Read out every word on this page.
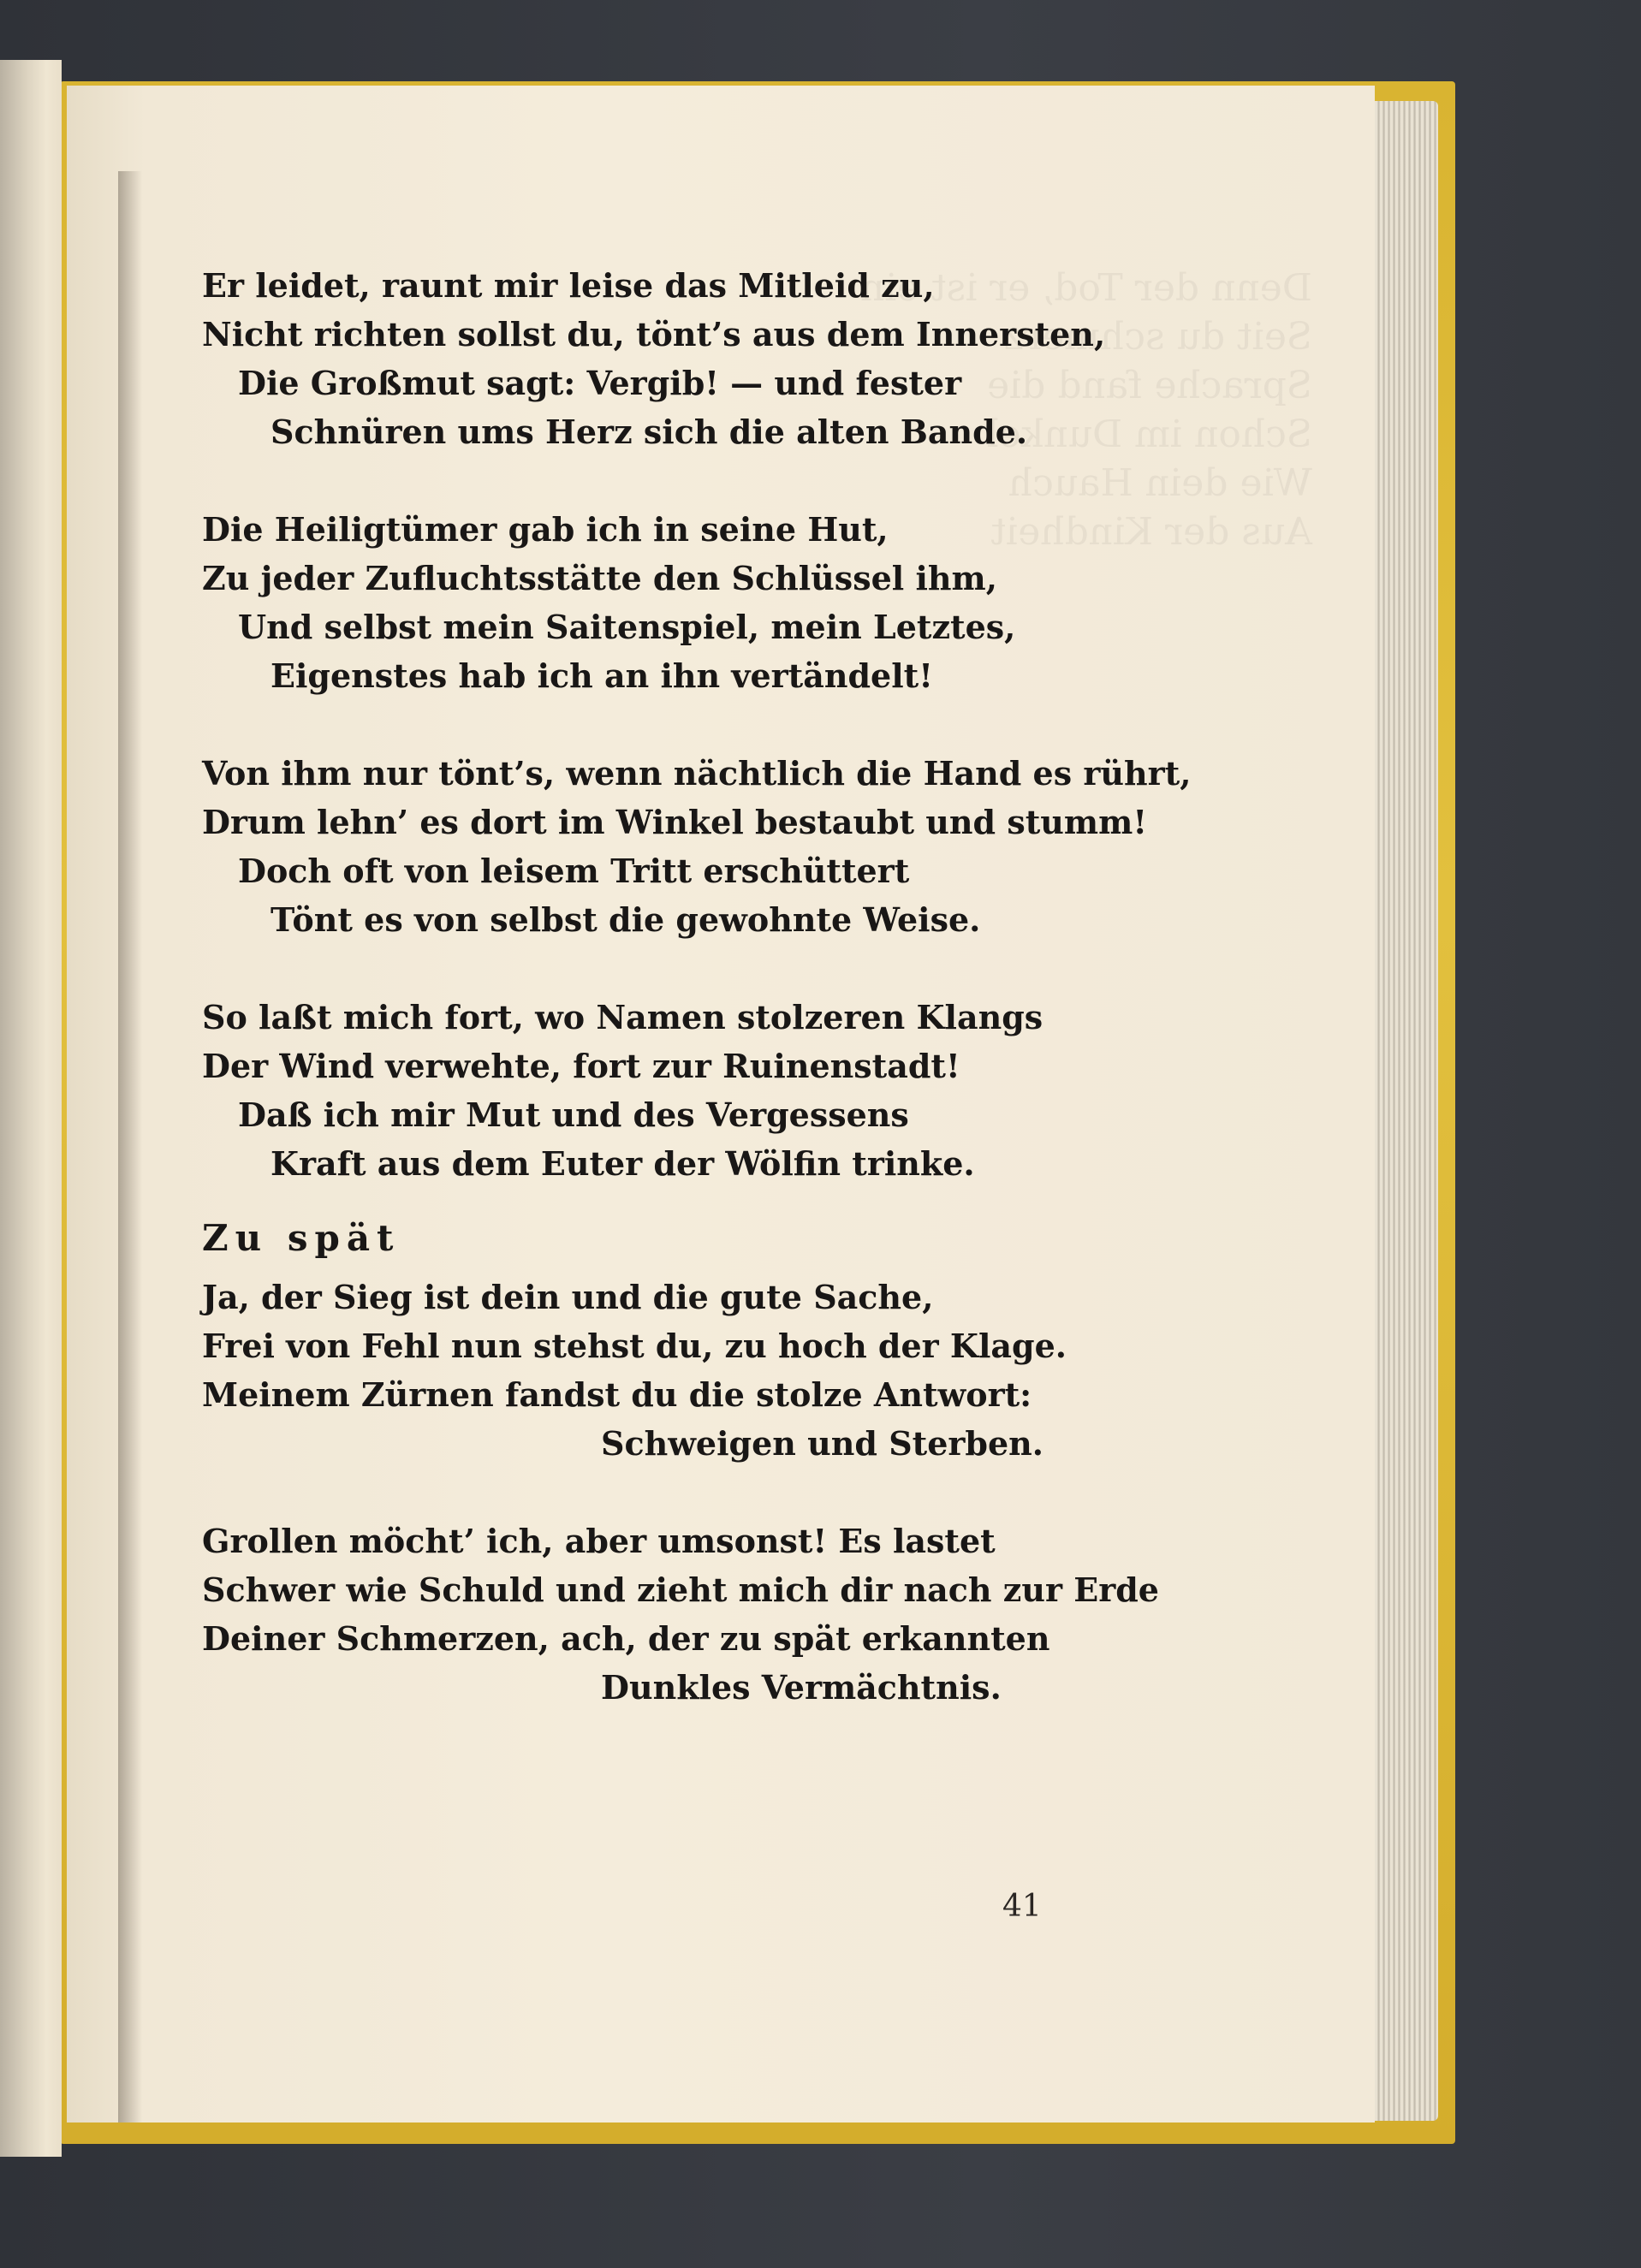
Denn der Tod, er ist ein
Seit du schmerz
Sprache fand die
Schon im Dunkel
Wie dein Hauch
Aus der Kindheit
Er leidet, raunt mir leise das Mitleid zu,
Nicht richten sollst du, tönt’s aus dem Innersten,
Die Großmut sagt: Vergib! — und fester
Schnüren ums Herz sich die alten Bande.
Die Heiligtümer gab ich in seine Hut,
Zu jeder Zufluchtsstätte den Schlüssel ihm,
Und selbst mein Saitenspiel, mein Letztes,
Eigenstes hab ich an ihn vertändelt!
Von ihm nur tönt’s, wenn nächtlich die Hand es rührt,
Drum lehn’ es dort im Winkel bestaubt und stumm!
Doch oft von leisem Tritt erschüttert
Tönt es von selbst die gewohnte Weise.
So laßt mich fort, wo Namen stolzeren Klangs
Der Wind verwehte, fort zur Ruinenstadt!
Daß ich mir Mut und des Vergessens
Kraft aus dem Euter der Wölfin trinke.
Zu spät
Ja, der Sieg ist dein und die gute Sache,
Frei von Fehl nun stehst du, zu hoch der Klage.
Meinem Zürnen fandst du die stolze Antwort:
Schweigen und Sterben.
Grollen möcht’ ich, aber umsonst! Es lastet
Schwer wie Schuld und zieht mich dir nach zur Erde
Deiner Schmerzen, ach, der zu spät erkannten
Dunkles Vermächtnis.
41
